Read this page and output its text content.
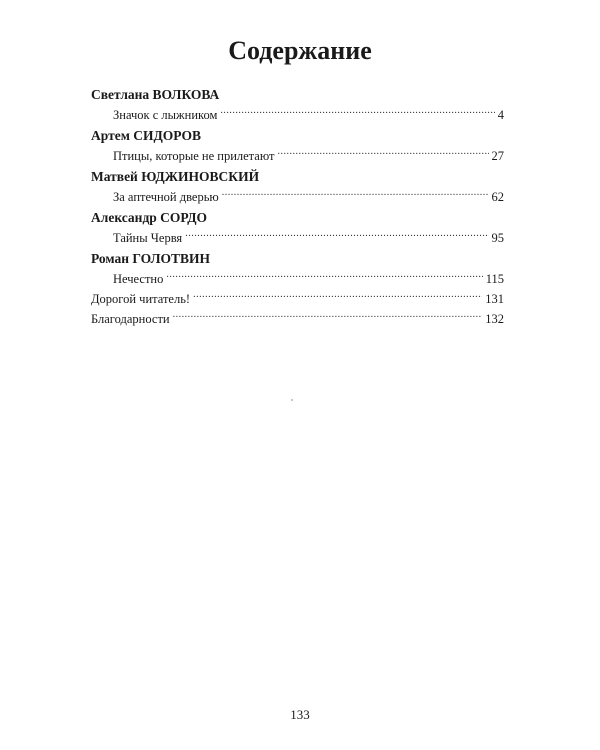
Содержание
Светлана ВОЛКОВА
Значок с лыжником .....	4
Артем СИДОРОВ
Птицы, которые не прилетают .....	27
Матвей ЮДЖИНОВСКИЙ
За аптечной дверью .....	62
Александр СОРДО
Тайны Червя .....	95
Роман ГОЛОТВИН
Нечестно .....	115
Дорогой читатель! .....	131
Благодарности .....	132
133
